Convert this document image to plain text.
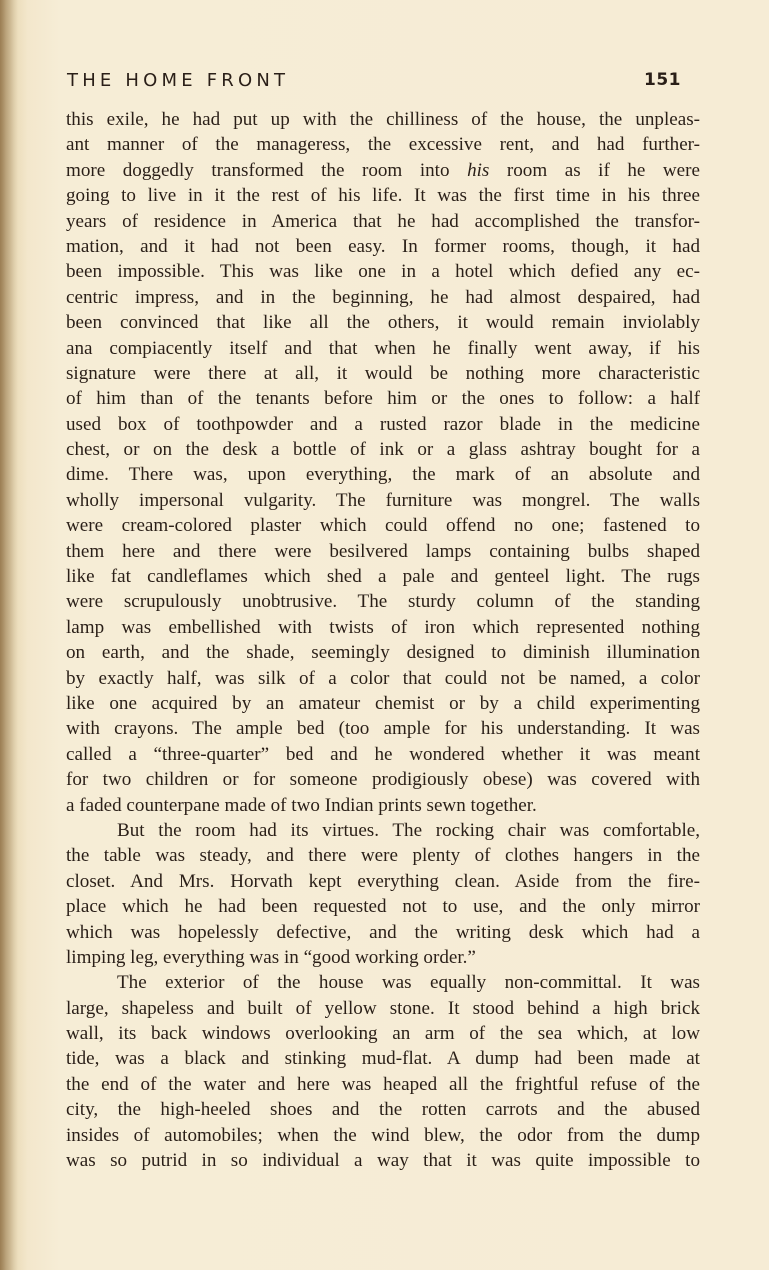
THE HOME FRONT	151
this exile, he had put up with the chilliness of the house, the unpleas-
ant manner of the manageress, the excessive rent, and had further-
more doggedly transformed the room into his room as if he were
going to live in it the rest of his life. It was the first time in his three
years of residence in America that he had accomplished the transfor-
mation, and it had not been easy. In former rooms, though, it had
been impossible. This was like one in a hotel which defied any ec-
centric impress, and in the beginning, he had almost despaired, had
been convinced that like all the others, it would remain inviolably
ana compiacently itself and that when he finally went away, if his
signature were there at all, it would be nothing more characteristic
of him than of the tenants before him or the ones to follow: a half
used box of toothpowder and a rusted razor blade in the medicine
chest, or on the desk a bottle of ink or a glass ashtray bought for a
dime. There was, upon everything, the mark of an absolute and
wholly impersonal vulgarity. The furniture was mongrel. The walls
were cream-colored plaster which could offend no one; fastened to
them here and there were besilvered lamps containing bulbs shaped
like fat candleflames which shed a pale and genteel light. The rugs
were scrupulously unobtrusive. The sturdy column of the standing
lamp was embellished with twists of iron which represented nothing
on earth, and the shade, seemingly designed to diminish illumination
by exactly half, was silk of a color that could not be named, a color
like one acquired by an amateur chemist or by a child experimenting
with crayons. The ample bed (too ample for his understanding. It was
called a “three-quarter” bed and he wondered whether it was meant
for two children or for someone prodigiously obese) was covered with
a faded counterpane made of two Indian prints sewn together.
But the room had its virtues. The rocking chair was comfortable,
the table was steady, and there were plenty of clothes hangers in the
closet. And Mrs. Horvath kept everything clean. Aside from the fire-
place which he had been requested not to use, and the only mirror
which was hopelessly defective, and the writing desk which had a
limping leg, everything was in “good working order.”
The exterior of the house was equally non-committal. It was
large, shapeless and built of yellow stone. It stood behind a high brick
wall, its back windows overlooking an arm of the sea which, at low
tide, was a black and stinking mud-flat. A dump had been made at
the end of the water and here was heaped all the frightful refuse of the
city, the high-heeled shoes and the rotten carrots and the abused
insides of automobiles; when the wind blew, the odor from the dump
was so putrid in so individual a way that it was quite impossible to
